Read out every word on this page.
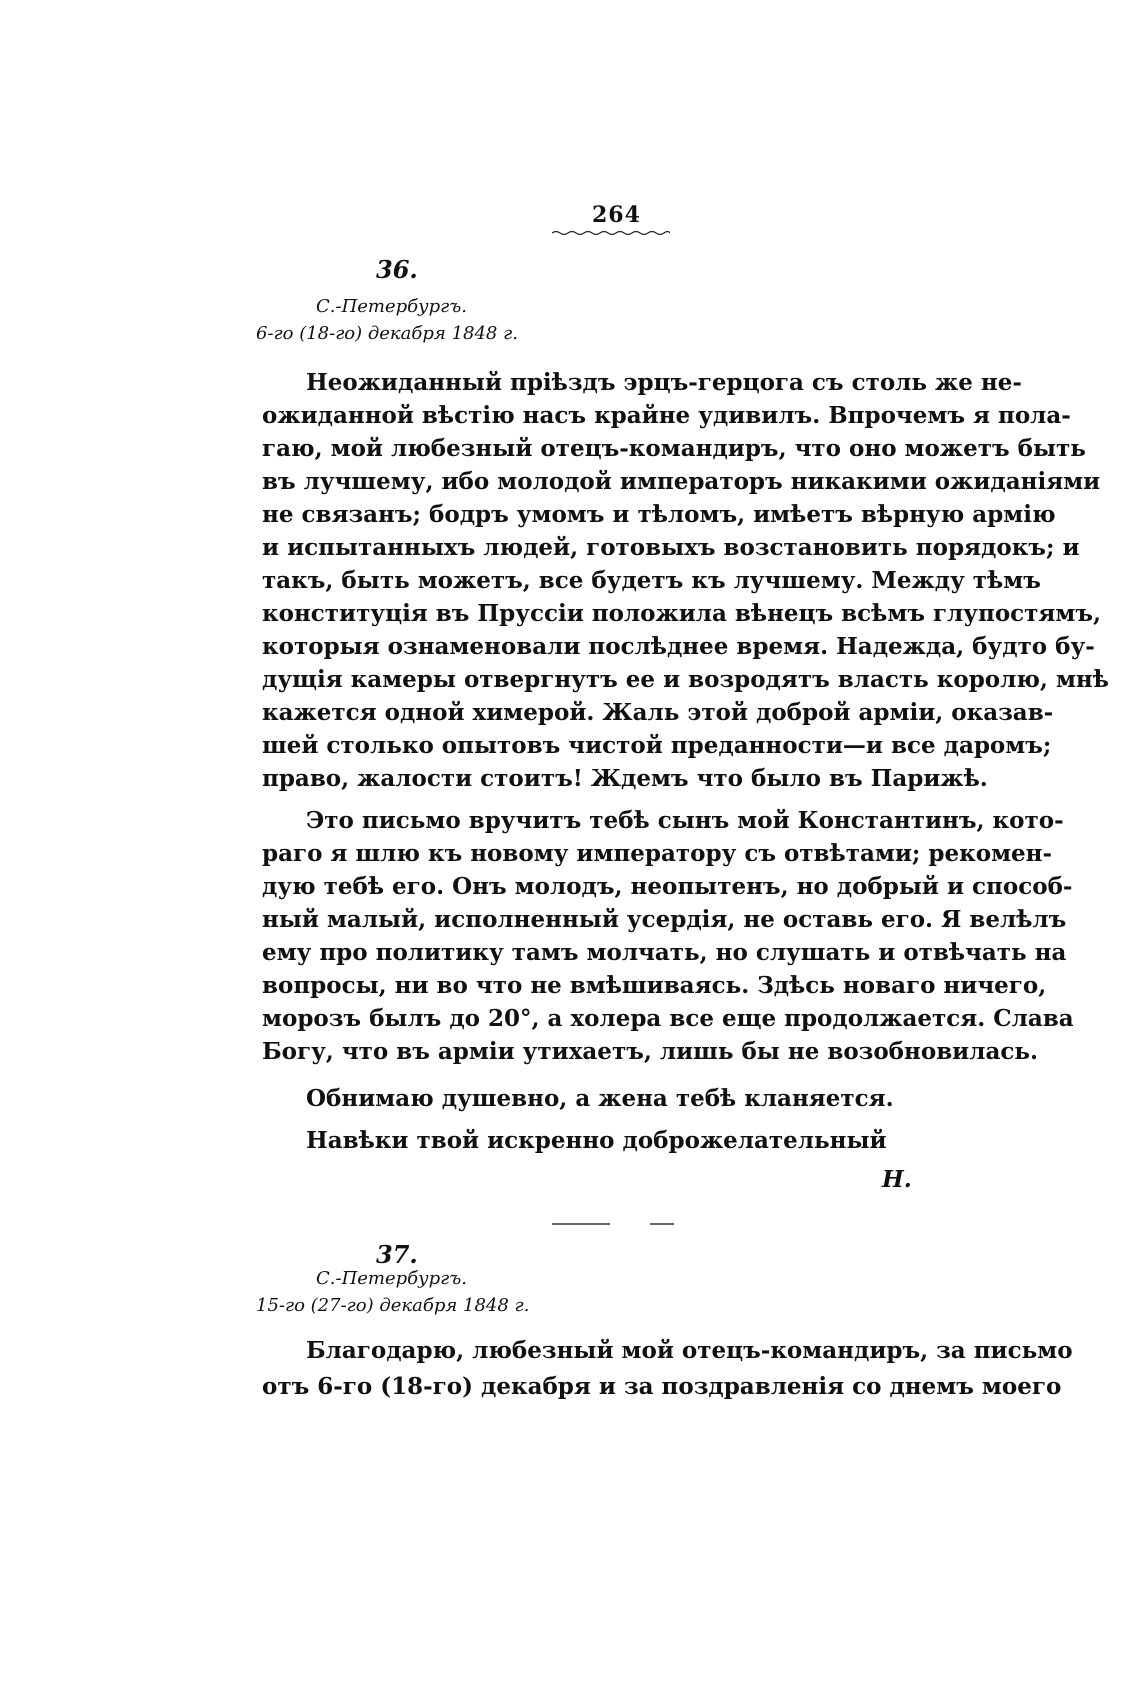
264
36.
С.-Петербургъ.
6-го (18-го) декабря 1848 г.

Неожиданный прiѣздъ эрцъ-герцога съ столь же не-

ожиданной вѣстiю насъ крайне удивилъ. Впрочемъ я пола-

гаю, мой любезный отецъ-командиръ, что оно можетъ быть

въ лучшему, ибо молодой императоръ никакими ожиданiями

не связанъ; бодръ умомъ и тѣломъ, имѣетъ вѣрную армiю

и испытанныхъ людей, готовыхъ возстановить порядокъ; и

такъ, быть можетъ, все будетъ къ лучшему. Между тѣмъ

конституцiя въ Пруссiи положила вѣнецъ всѣмъ глупостямъ,

которыя ознаменовали послѣднее время. Надежда, будто бу-

дущiя камеры отвергнутъ ее и возродятъ власть королю, мнѣ

кажется одной химерой. Жаль этой доброй армiи, оказав-

шей столько опытовъ чистой преданности—и все даромъ;

право, жалости стоитъ! Ждемъ что было въ Парижѣ.

Это письмо вручитъ тебѣ сынъ мой Константинъ, кото-

раго я шлю къ новому императору съ отвѣтами; рекомен-

дую тебѣ его. Онъ молодъ, неопытенъ, но добрый и способ-

ный малый, исполненный усердiя, не оставь его. Я велѣлъ

ему про политику тамъ молчать, но слушать и отвѣчать на

вопросы, ни во что не вмѣшиваясь. Здѣсь новаго ничего,

морозъ былъ до 20°, а холера все еще продолжается. Слава

Богу, что въ армiи утихаетъ, лишь бы не возобновилась.

Обнимаю душевно, а жена тебѣ кланяется.

Навѣки твой искренно доброжелательный

Н.
37.
С.-Петербургъ.
15-го (27-го) декабря 1848 г.

Благодарю, любезный мой отецъ-командиръ, за письмо

отъ 6-го (18-го) декабря и за поздравленiя со днемъ моего
